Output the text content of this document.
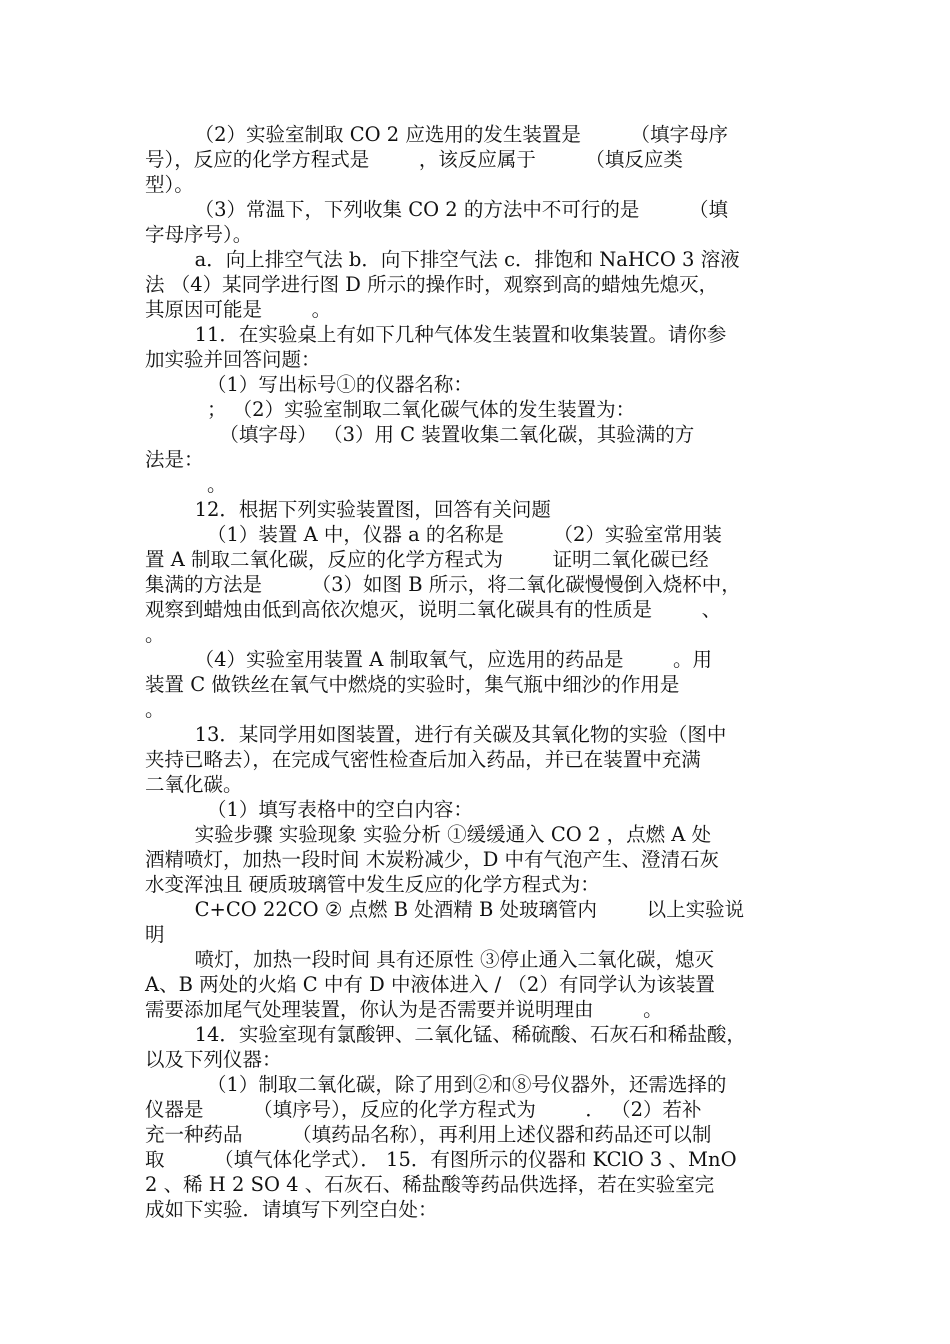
（2）实验室制取 CO 2 应选用的发生装置是        （填字母序
号），反应的化学方程式是        ，该反应属于        （填反应类
型）。
（3）常温下，下列收集 CO 2 的方法中不可行的是        （填
字母序号）。
a．向上排空气法 b．向下排空气法 c．排饱和 NaHCO 3 溶液
法 （4）某同学进行图 D 所示的操作时，观察到高的蜡烛先熄灭，
其原因可能是        。
11．在实验桌上有如下几种气体发生装置和收集装置。请你参
加实验并回答问题：
（1）写出标号①的仪器名称：
； （2）实验室制取二氧化碳气体的发生装置为：
（填字母） （3）用 C 装置收集二氧化碳，其验满的方
法是：
。
12．根据下列实验装置图，回答有关问题
（1）装置 A 中，仪器 a 的名称是        （2）实验室常用装
置 A 制取二氧化碳，反应的化学方程式为        证明二氧化碳已经
集满的方法是        （3）如图 B 所示，将二氧化碳慢慢倒入烧杯中，
观察到蜡烛由低到高依次熄灭，说明二氧化碳具有的性质是        、
。
（4）实验室用装置 A 制取氧气，应选用的药品是        。用
装置 C 做铁丝在氧气中燃烧的实验时，集气瓶中细沙的作用是
。
13．某同学用如图装置，进行有关碳及其氧化物的实验（图中
夹持已略去），在完成气密性检查后加入药品，并已在装置中充满
二氧化碳。
（1）填写表格中的空白内容：
实验步骤 实验现象 实验分析 ①缓缓通入 CO 2 ，点燃 A 处
酒精喷灯，加热一段时间 木炭粉减少，D 中有气泡产生、澄清石灰
水变浑浊且 硬质玻璃管中发生反应的化学方程式为：
C+CO 22CO ② 点燃 B 处酒精 B 处玻璃管内        以上实验说
明
喷灯，加热一段时间 具有还原性 ③停止通入二氧化碳，熄灭
A、B 两处的火焰 C 中有 D 中液体进入 / （2）有同学认为该装置
需要添加尾气处理装置，你认为是否需要并说明理由        。
14．实验室现有氯酸钾、二氧化锰、稀硫酸、石灰石和稀盐酸，
以及下列仪器：
（1）制取二氧化碳，除了用到②和⑧号仪器外，还需选择的
仪器是        （填序号），反应的化学方程式为        ． （2）若补
充一种药品        （填药品名称），再利用上述仪器和药品还可以制
取        （填气体化学式）． 15．有图所示的仪器和 KClO 3 、MnO
2 、稀 H 2 SO 4 、石灰石、稀盐酸等药品供选择，若在实验室完
成如下实验．请填写下列空白处：
